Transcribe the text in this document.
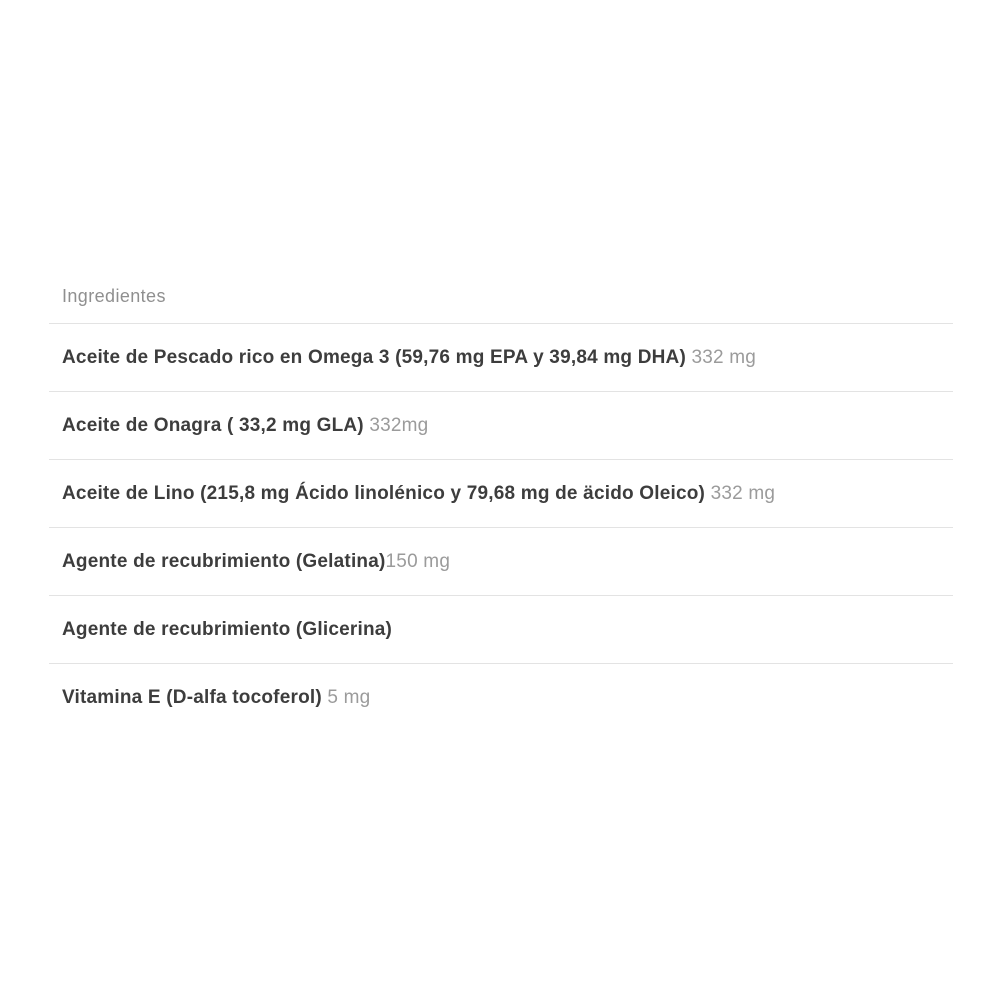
Ingredientes
Aceite de Pescado rico en Omega 3 (59,76 mg EPA y 39,84 mg DHA) 332 mg
Aceite de Onagra ( 33,2 mg GLA) 332mg
Aceite de Lino (215,8 mg Ácido linolénico y 79,68 mg de äcido Oleico) 332 mg
Agente de recubrimiento (Gelatina) 150 mg
Agente de recubrimiento (Glicerina)
Vitamina E (D-alfa tocoferol) 5 mg
